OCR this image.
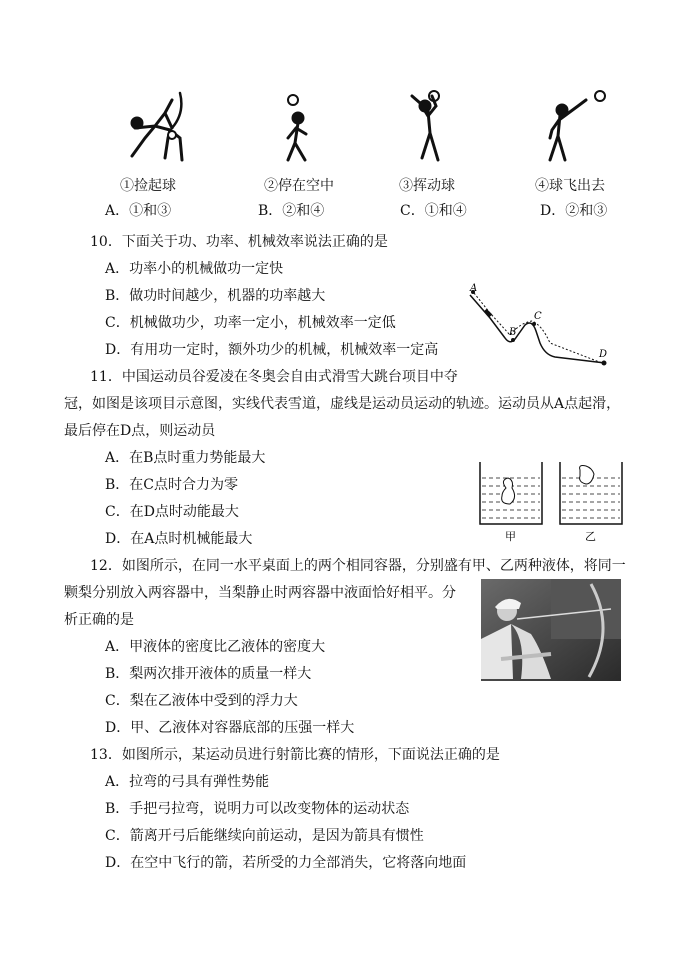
①捡起球	②停在空中	③挥动球	④球飞出去
A．①和③	B．②和④	C．①和④	D．②和③
10．下面关于功、功率、机械效率说法正确的是
A．功率小的机械做功一定快
B．做功时间越少，机器的功率越大
C．机械做功少，功率一定小，机械效率一定低
D．有用功一定时，额外功少的机械，机械效率一定高
A
B
C
D
11．中国运动员谷爱凌在冬奥会自由式滑雪大跳台项目中夺
冠，如图是该项目示意图，实线代表雪道，虚线是运动员运动的轨迹。运动员从A点起滑，
最后停在D点，则运动员
A．在B点时重力势能最大
B．在C点时合力为零
C．在D点时动能最大
D．在A点时机械能最大	甲	乙
12．如图所示，在同一水平桌面上的两个相同容器，分别盛有甲、乙两种液体，将同一
颗梨分别放入两容器中，当梨静止时两容器中液面恰好相平。分
析正确的是
A．甲液体的密度比乙液体的密度大
B．梨两次排开液体的质量一样大
C．梨在乙液体中受到的浮力大
D．甲、乙液体对容器底部的压强一样大
13．如图所示，某运动员进行射箭比赛的情形，下面说法正确的是
A．拉弯的弓具有弹性势能
B．手把弓拉弯，说明力可以改变物体的运动状态
C．箭离开弓后能继续向前运动，是因为箭具有惯性
D．在空中飞行的箭，若所受的力全部消失，它将落向地面
